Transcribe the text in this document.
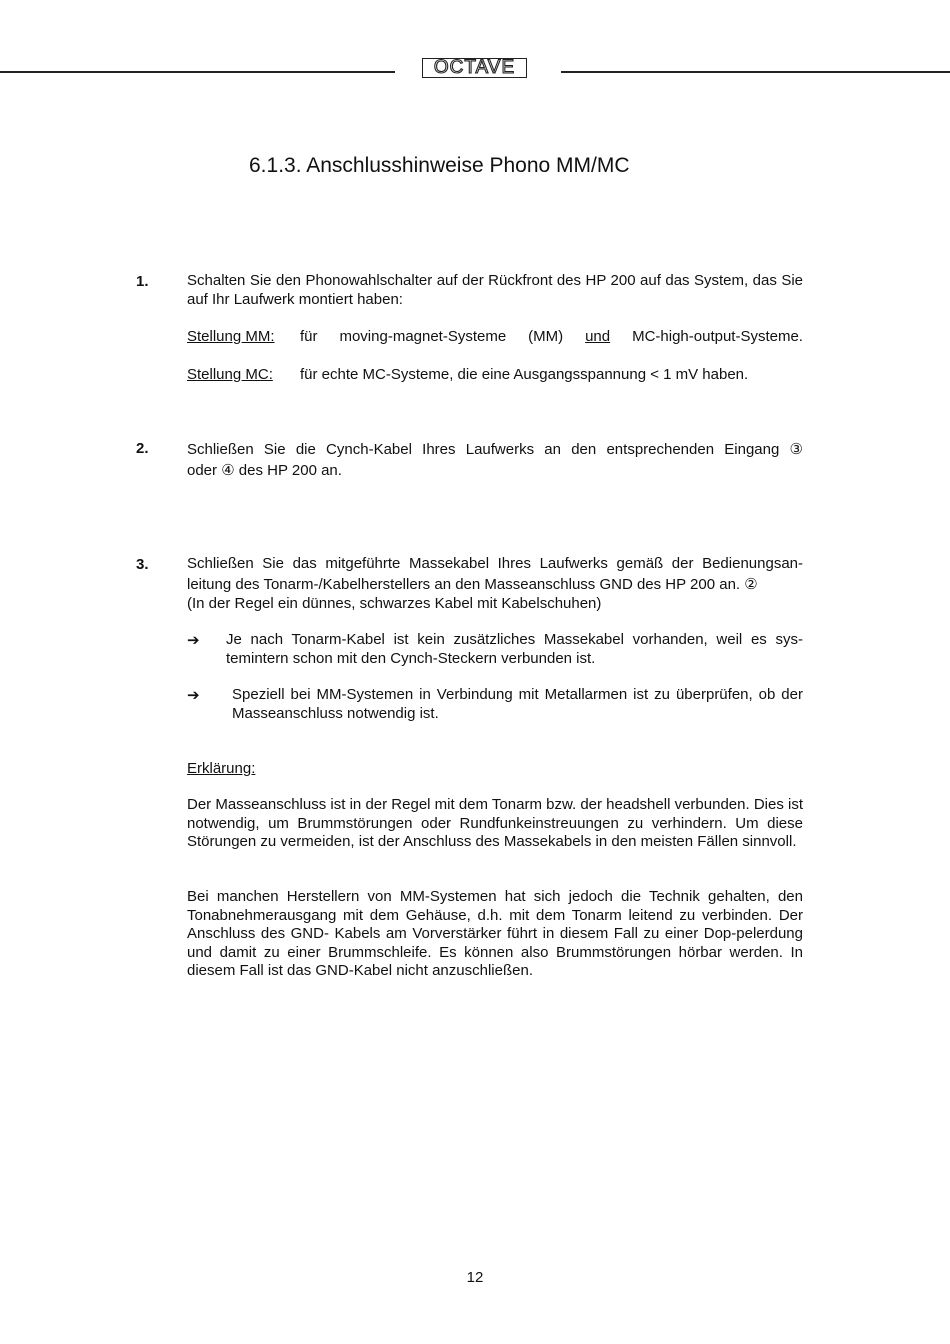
OCTAVE
6.1.3. Anschlusshinweise Phono MM/MC
1.	Schalten Sie den Phonowahlschalter auf der Rückfront des HP 200 auf das System, das Sie auf Ihr Laufwerk montiert haben:

Stellung MM: für moving-magnet-Systeme (MM) und MC-high-output-Systeme.
Stellung MC: für echte MC-Systeme, die eine Ausgangsspannung < 1 mV haben.
2.	Schließen Sie die Cynch-Kabel Ihres Laufwerks an den entsprechenden Eingang ③

oder ④ des HP 200 an.

3.	Schließen Sie das mitgeführte Massekabel Ihres Laufwerks gemäß der Bedienungsan-

leitung des Tonarm-/Kabelherstellers an den Masseanschluss GND des HP 200 an. ②

(In der Regel ein dünnes, schwarzes Kabel mit Kabelschuhen)

➔ Je nach Tonarm-Kabel ist kein zusätzliches Massekabel vorhanden, weil es sys-temintern schon mit den Cynch-Steckern verbunden ist.

➔ Speziell bei MM-Systemen in Verbindung mit Metallarmen ist zu überprüfen, ob der Masseanschluss notwendig ist.

Erklärung:

Der Masseanschluss ist in der Regel mit dem Tonarm bzw. der headshell verbunden. Dies ist notwendig, um Brummstörungen oder Rundfunkeinstreuungen zu verhindern. Um diese Störungen zu vermeiden, ist der Anschluss des Massekabels in den meisten Fällen sinnvoll.

Bei manchen Herstellern von MM-Systemen hat sich jedoch die Technik gehalten, den Tonabnehmerausgang mit dem Gehäuse, d.h. mit dem Tonarm leitend zu verbinden. Der Anschluss des GND- Kabels am Vorverstärker führt in diesem Fall zu einer Dop-pelerdung und damit zu einer Brummschleife. Es können also Brummstörungen hörbar werden. In diesem Fall ist das GND-Kabel nicht anzuschließen.

12
